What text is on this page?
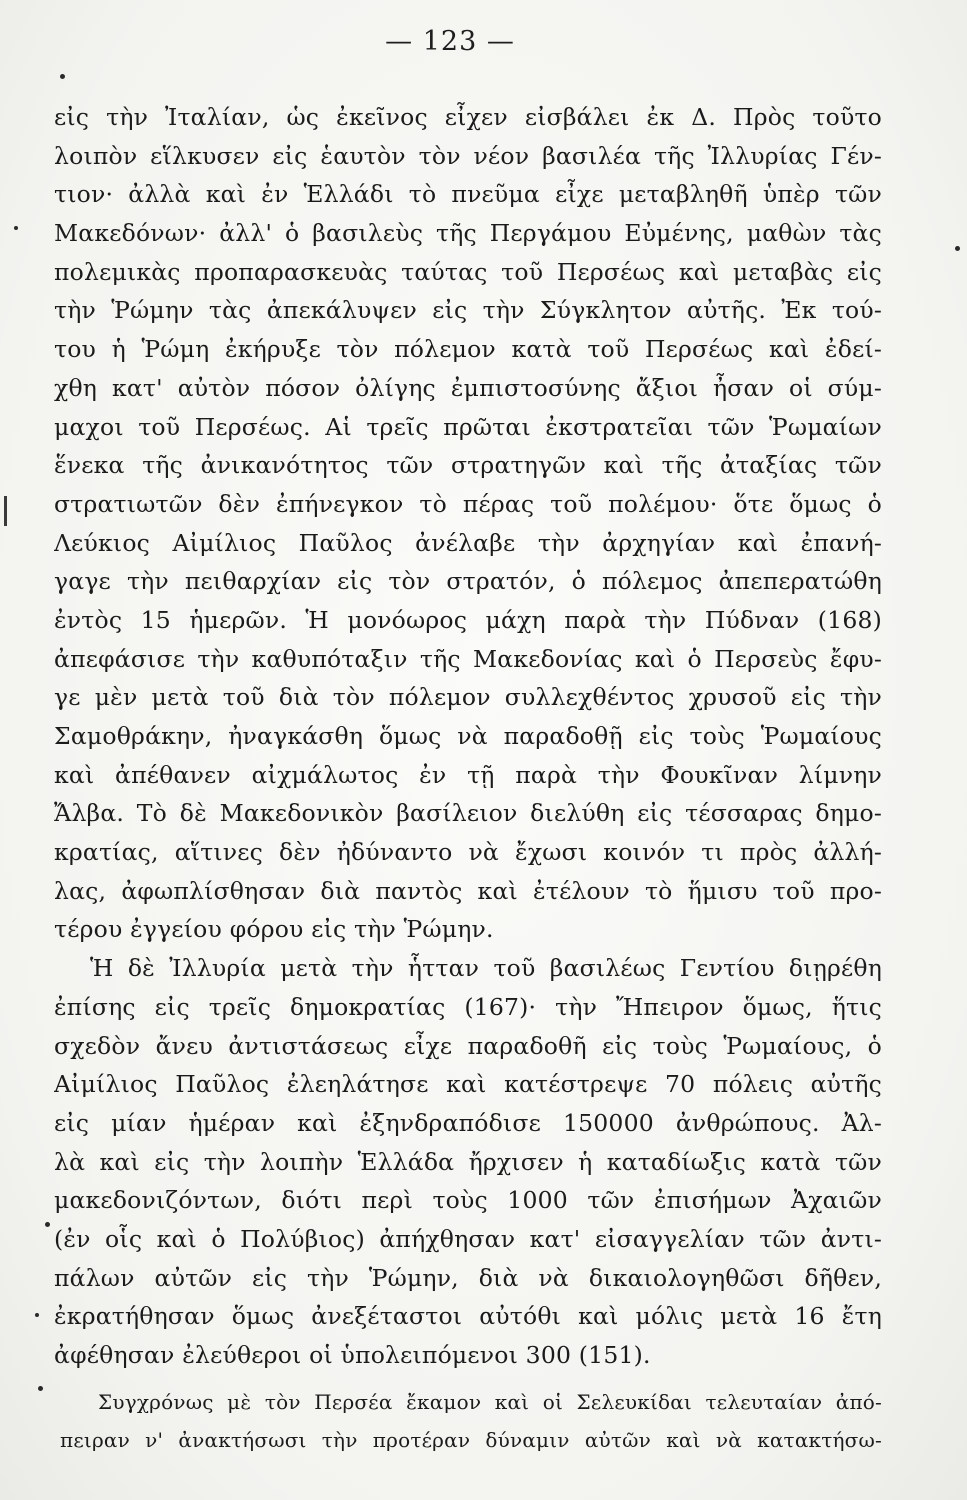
— 123 —
εἰς τὴν Ἰταλίαν, ὡς ἐκεῖνος εἶχεν εἰσβάλει ἐκ Δ. Πρὸς τοῦτο
λοιπὸν εἵλκυσεν εἰς ἑαυτὸν τὸν νέον βασιλέα τῆς Ἰλλυρίας Γέν-
τιον· ἀλλὰ καὶ ἐν Ἑλλάδι τὸ πνεῦμα εἶχε μεταβληθῆ ὑπὲρ τῶν
Μακεδόνων· ἀλλ' ὁ βασιλεὺς τῆς Περγάμου Εὐμένης, μαθὼν τὰς
πολεμικὰς προπαρασκευὰς ταύτας τοῦ Περσέως καὶ μεταβὰς εἰς
τὴν Ῥώμην τὰς ἀπεκάλυψεν εἰς τὴν Σύγκλητον αὐτῆς. Ἐκ τού-
του ἡ Ῥώμη ἐκήρυξε τὸν πόλεμον κατὰ τοῦ Περσέως καὶ ἐδεί-
χθη κατ' αὐτὸν πόσον ὀλίγης ἐμπιστοσύνης ἄξιοι ἦσαν οἱ σύμ-
μαχοι τοῦ Περσέως. Αἱ τρεῖς πρῶται ἐκστρατεῖαι τῶν Ῥωμαίων
ἕνεκα τῆς ἀνικανότητος τῶν στρατηγῶν καὶ τῆς ἀταξίας τῶν
στρατιωτῶν δὲν ἐπήνεγκον τὸ πέρας τοῦ πολέμου· ὅτε ὅμως ὁ
Λεύκιος Αἰμίλιος Παῦλος ἀνέλαβε τὴν ἀρχηγίαν καὶ ἐπανή-
γαγε τὴν πειθαρχίαν εἰς τὸν στρατόν, ὁ πόλεμος ἀπεπερατώθη
ἐντὸς 15 ἡμερῶν. Ἡ μονόωρος μάχη παρὰ τὴν Πύδναν (168)
ἀπεφάσισε τὴν καθυπόταξιν τῆς Μακεδονίας καὶ ὁ Περσεὺς ἔφυ-
γε μὲν μετὰ τοῦ διὰ τὸν πόλεμον συλλεχθέντος χρυσοῦ εἰς τὴν
Σαμοθράκην, ἠναγκάσθη ὅμως νὰ παραδοθῇ εἰς τοὺς Ῥωμαίους
καὶ ἀπέθανεν αἰχμάλωτος ἐν τῇ παρὰ τὴν Φουκῖναν λίμνην
Ἄλβα. Τὸ δὲ Μακεδονικὸν βασίλειον διελύθη εἰς τέσσαρας δημο-
κρατίας, αἵτινες δὲν ἠδύναντο νὰ ἔχωσι κοινόν τι πρὸς ἀλλή-
λας, ἀφωπλίσθησαν διὰ παντὸς καὶ ἐτέλουν τὸ ἥμισυ τοῦ προ-
τέρου ἐγγείου φόρου εἰς τὴν Ῥώμην.
Ἡ δὲ Ἰλλυρία μετὰ τὴν ἧτταν τοῦ βασιλέως Γεντίου διῃρέθη
ἐπίσης εἰς τρεῖς δημοκρατίας (167)· τὴν Ἤπειρον ὅμως, ἥτις
σχεδὸν ἄνευ ἀντιστάσεως εἶχε παραδοθῆ εἰς τοὺς Ῥωμαίους, ὁ
Αἰμίλιος Παῦλος ἐλεηλάτησε καὶ κατέστρεψε 70 πόλεις αὐτῆς
εἰς μίαν ἡμέραν καὶ ἐξηνδραπόδισε 150000 ἀνθρώπους. Ἀλ-
λὰ καὶ εἰς τὴν λοιπὴν Ἑλλάδα ἤρχισεν ἡ καταδίωξις κατὰ τῶν
μακεδονιζόντων, διότι περὶ τοὺς 1000 τῶν ἐπισήμων Ἀχαιῶν
(ἐν οἷς καὶ ὁ Πολύβιος) ἀπήχθησαν κατ' εἰσαγγελίαν τῶν ἀντι-
πάλων αὐτῶν εἰς τὴν Ῥώμην, διὰ νὰ δικαιολογηθῶσι δῆθεν,
ἐκρατήθησαν ὅμως ἀνεξέταστοι αὐτόθι καὶ μόλις μετὰ 16 ἔτη
ἀφέθησαν ἐλεύθεροι οἱ ὑπολειπόμενοι 300 (151).
Συγχρόνως μὲ τὸν Περσέα ἔκαμον καὶ οἱ Σελευκίδαι τελευταίαν ἀπό-
πειραν ν' ἀνακτήσωσι τὴν προτέραν δύναμιν αὐτῶν καὶ νὰ κατακτήσω-
